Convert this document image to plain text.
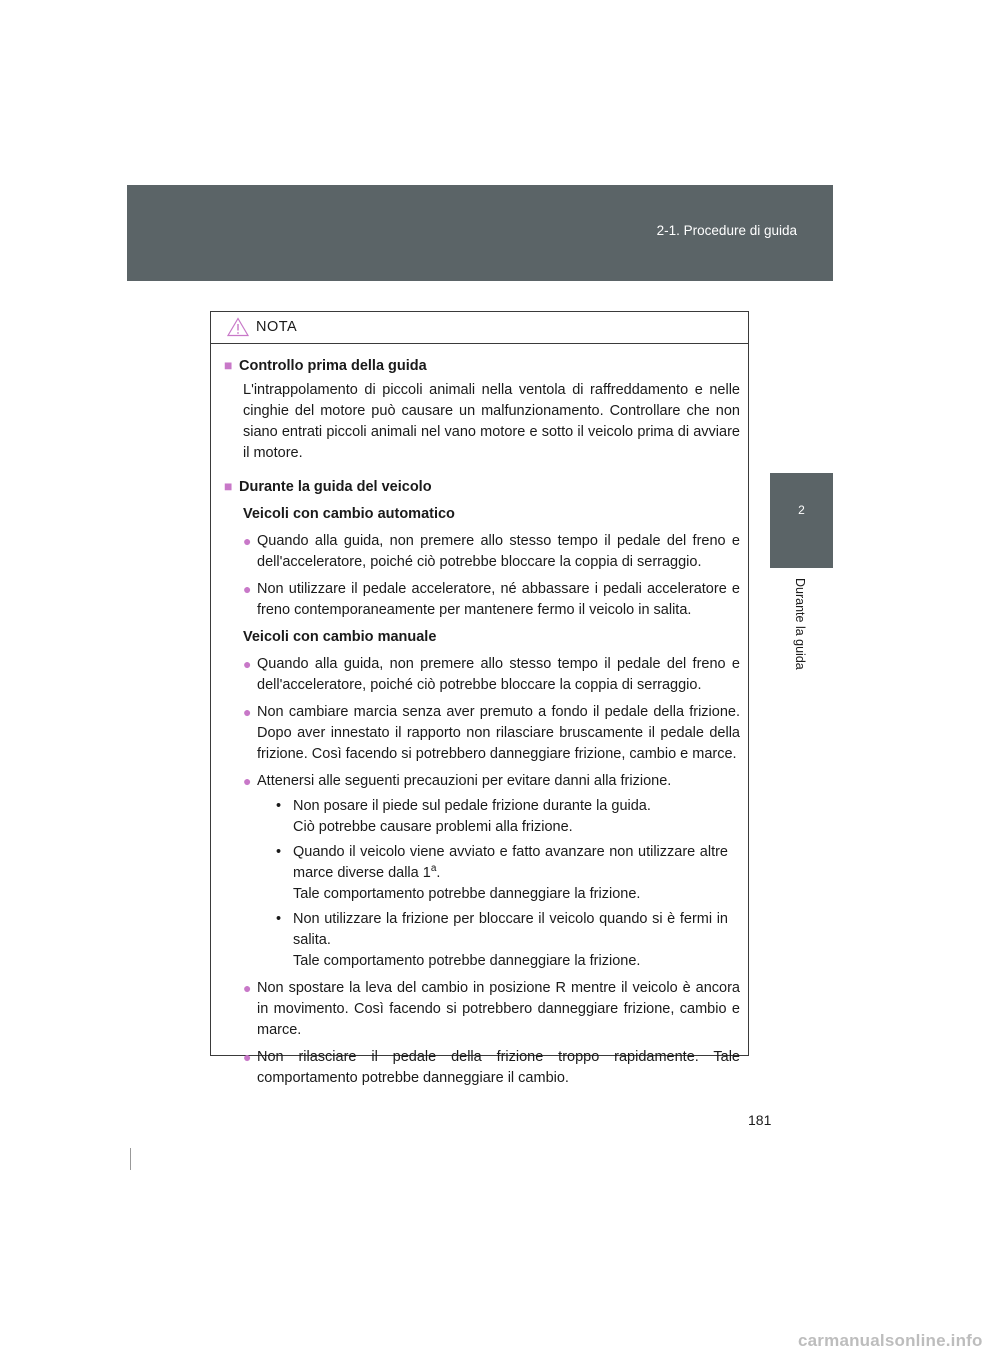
2-1. Procedure di guida
2
Durante la guida
NOTA
■ Controllo prima della guida
L'intrappolamento di piccoli animali nella ventola di raffreddamento e nelle cinghie del motore può causare un malfunzionamento. Controllare che non siano entrati piccoli animali nel vano motore e sotto il veicolo prima di avviare il motore.
■ Durante la guida del veicolo
Veicoli con cambio automatico
● Quando alla guida, non premere allo stesso tempo il pedale del freno e dell'acceleratore, poiché ciò potrebbe bloccare la coppia di serraggio.
● Non utilizzare il pedale acceleratore, né abbassare i pedali acceleratore e freno contemporaneamente per mantenere fermo il veicolo in salita.
Veicoli con cambio manuale
● Quando alla guida, non premere allo stesso tempo il pedale del freno e dell'acceleratore, poiché ciò potrebbe bloccare la coppia di serraggio.
● Non cambiare marcia senza aver premuto a fondo il pedale della frizione. Dopo aver innestato il rapporto non rilasciare bruscamente il pedale della frizione. Così facendo si potrebbero danneggiare frizione, cambio e marce.
● Attenersi alle seguenti precauzioni per evitare danni alla frizione.
• Non posare il piede sul pedale frizione durante la guida.
Ciò potrebbe causare problemi alla frizione.
• Quando il veicolo viene avviato e fatto avanzare non utilizzare altre marce diverse dalla 1$^a$.
Tale comportamento potrebbe danneggiare la frizione.
• Non utilizzare la frizione per bloccare il veicolo quando si è fermi in salita.
Tale comportamento potrebbe danneggiare la frizione.
● Non spostare la leva del cambio in posizione R mentre il veicolo è ancora in movimento. Così facendo si potrebbero danneggiare frizione, cambio e marce.
● Non rilasciare il pedale della frizione troppo rapidamente. Tale comportamento potrebbe danneggiare il cambio.
181
carmanualsonline.info
